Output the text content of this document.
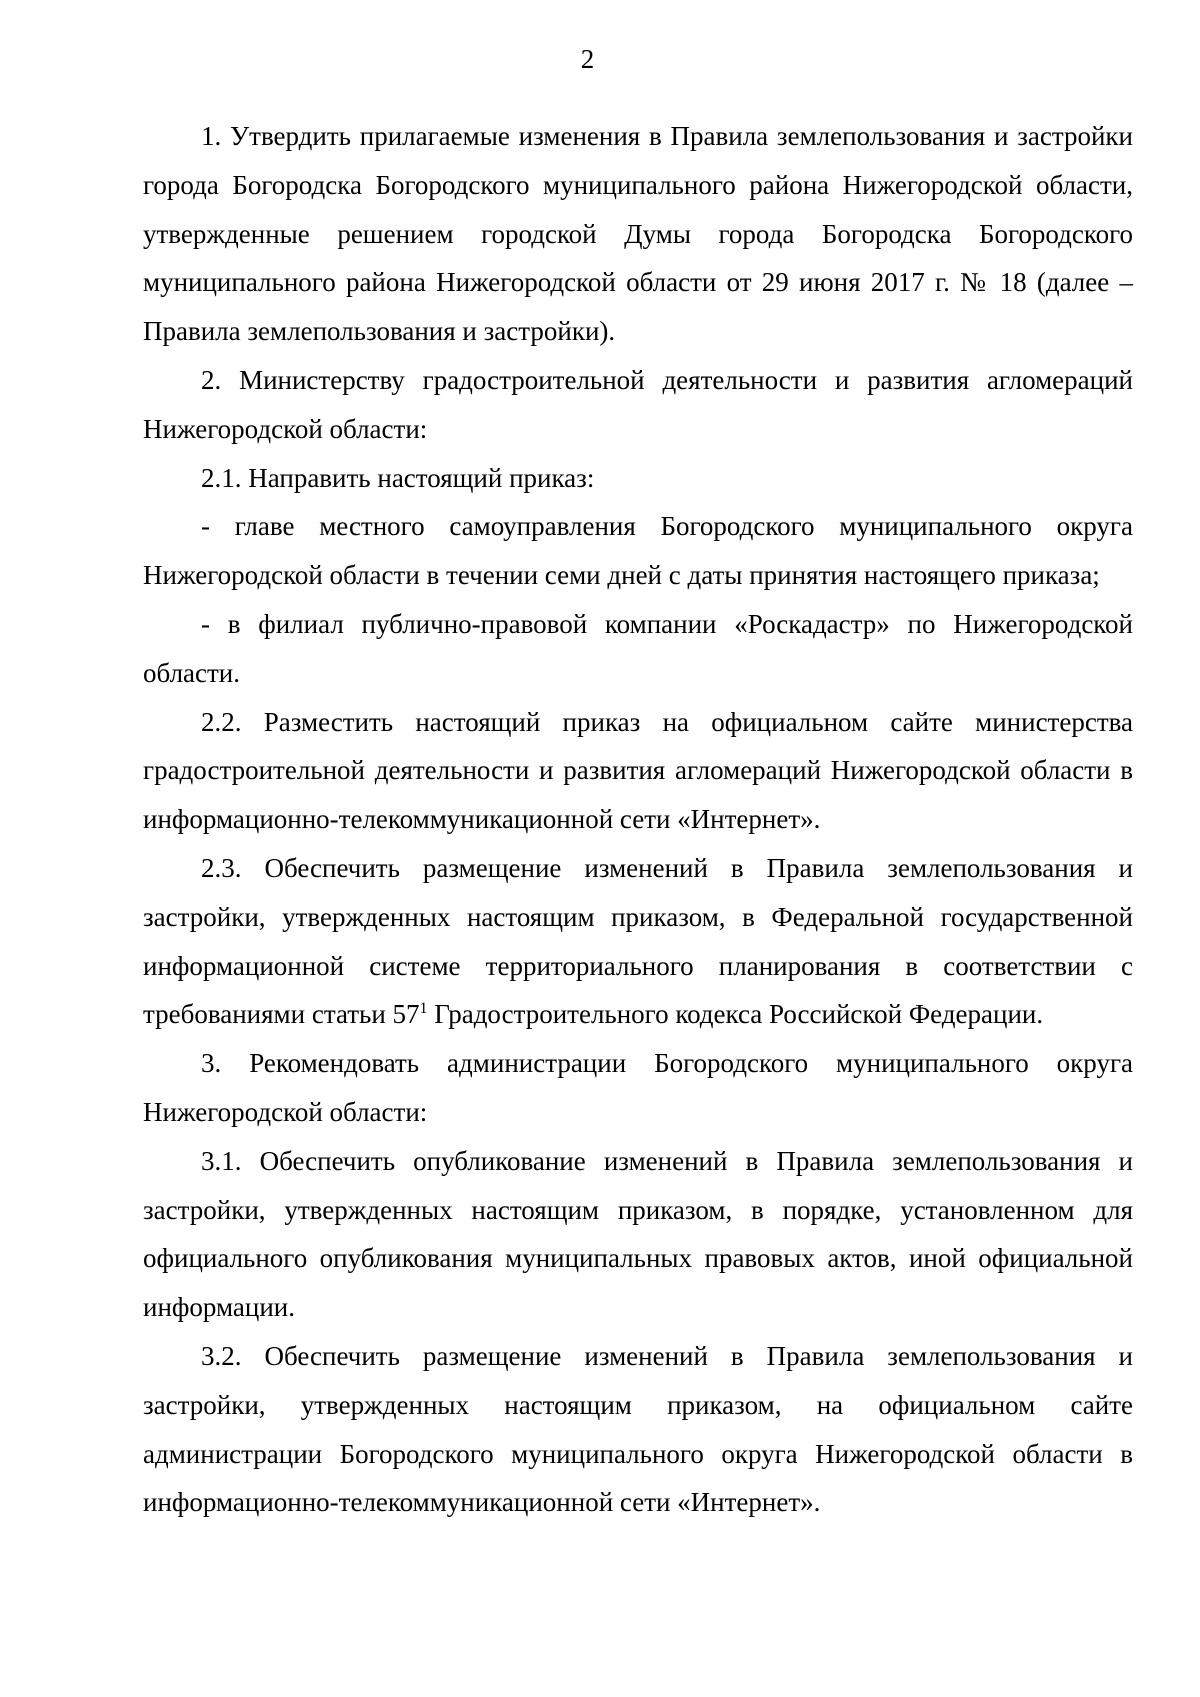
2

1. Утвердить прилагаемые изменения в Правила землепользования и застройки города Богородска Богородского муниципального района Нижегородской области, утвержденные решением городской Думы города Богородска Богородского муниципального района Нижегородской области от 29 июня 2017 г. № 18 (далее – Правила землепользования и застройки).

2. Министерству градостроительной деятельности и развития агломераций Нижегородской области:

2.1. Направить настоящий приказ:

- главе местного самоуправления Богородского муниципального округа Нижегородской области в течении семи дней с даты принятия настоящего приказа;

- в филиал публично-правовой компании «Роскадастр» по Нижегородской области.

2.2. Разместить настоящий приказ на официальном сайте министерства градостроительной деятельности и развития агломераций Нижегородской области в информационно-телекоммуникационной сети «Интернет».

2.3. Обеспечить размещение изменений в Правила землепользования и застройки, утвержденных настоящим приказом, в Федеральной государственной информационной системе территориального планирования в соответствии с требованиями статьи $57^1$ Градостроительного кодекса Российской Федерации.

3. Рекомендовать администрации Богородского муниципального округа Нижегородской области:

3.1. Обеспечить опубликование изменений в Правила землепользования и застройки, утвержденных настоящим приказом, в порядке, установленном для официального опубликования муниципальных правовых актов, иной официальной информации.

3.2. Обеспечить размещение изменений в Правила землепользования и застройки, утвержденных настоящим приказом, на официальном сайте администрации Богородского муниципального округа Нижегородской области в информационно-телекоммуникационной сети «Интернет».
